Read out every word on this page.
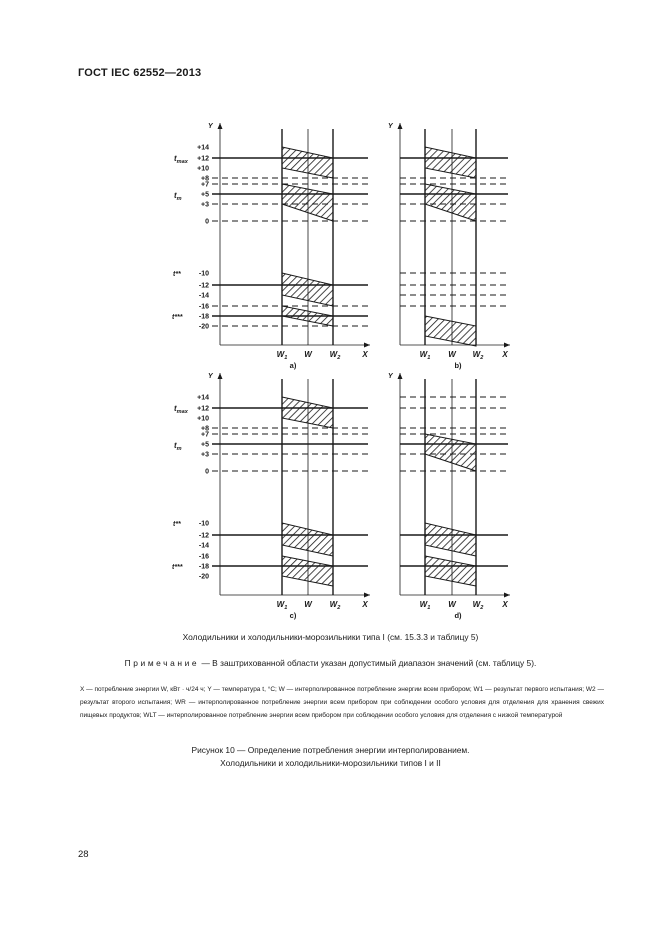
ГОСТ IEC 62552—2013
Y
+14
+12
+10
+8
+7
+5
+3
0
-10
-12
-14
-16
-18
-20
$t_{max}$
$t_m$
t**
t***
$W_1$ W $W_2$	X
а)
Y
$W_1$ W $W_2$ X
b)
Y
+14
+12
+10
+8
+7
+5
+3
0
-10
-12
-14
-16
-18
-20
$t_{max}$
$t_m$
t**
t***
$W_1$ W $W_2$	X
c)
Y
$W_1$ W $W_2$ X
d)
Холодильники и холодильники-морозильники типа I (см. 15.3.3 и таблицу 5)
Примечание — В заштрихованной области указан допустимый диапазон значений (см. таблицу 5).

X — потребление энергии W, кВт · ч/24 ч; Y — температура t, °C; W — интерполированное потребление энергии всем прибором; W1 — результат первого испытания; W2 — результат второго испытания; WR — интерполированное потребление энергии всем прибором при соблюдении особого условия для отделения для хранения свежих пищевых продуктов; WLT — интерполированное потребление энергии всем прибором при соблюдении особого условия для отделения с низкой температурой

Рисунок 10 — Определение потребления энергии интерполированием.
Холодильники и холодильники-морозильники типов I и II
28
